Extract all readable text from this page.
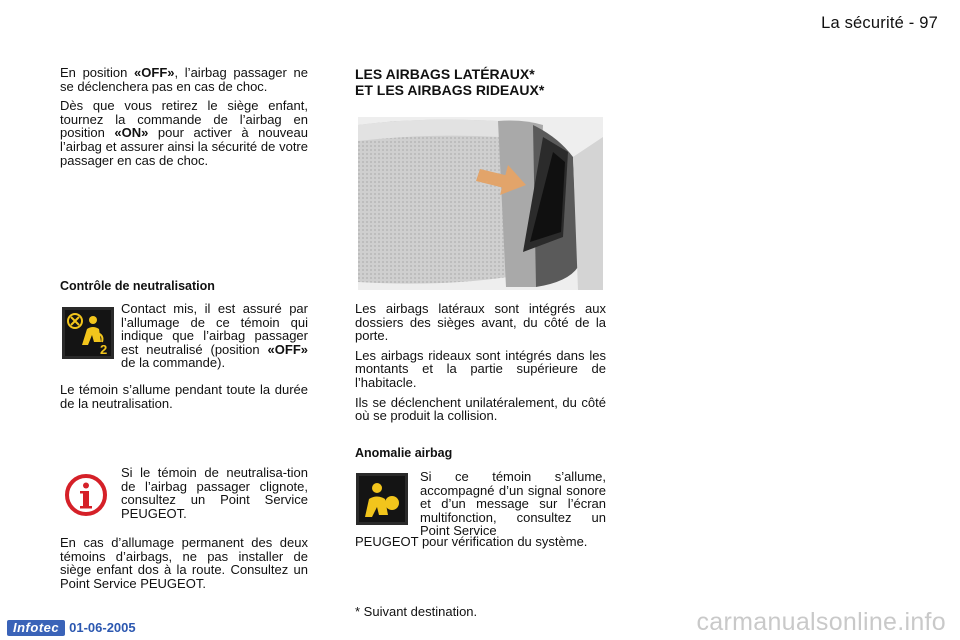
La sécurité - 97

En position «OFF», l’airbag passager ne se déclenchera pas en cas de choc.

Dès que vous retirez le siège enfant, tournez la commande de l’airbag en position «ON» pour activer à nouveau l’airbag et assurer ainsi la sécurité de votre passager en cas de choc.

Contrôle de neutralisation
2

Contact mis, il est assuré par l’allumage de ce témoin qui indique que l’airbag passager est neutralisé (position «OFF» de la commande).

Le témoin s’allume pendant toute la durée de la neutralisation.

Si le témoin de neutralisa-tion de l’airbag passager clignote, consultez un Point Service PEUGEOT.

En cas d’allumage permanent des deux témoins d’airbags, ne pas installer de siège enfant dos à la route. Consultez un Point Service PEUGEOT.

LES AIRBAGS LATÉRAUX*
ET LES AIRBAGS RIDEAUX*

Les airbags latéraux sont intégrés aux dossiers des sièges avant, du côté de la porte.

Les airbags rideaux sont intégrés dans les montants et la partie supérieure de l’habitacle.

Ils se déclenchent unilatéralement, du côté où se produit la collision.

Anomalie airbag

Si ce témoin s’allume, accompagné d’un signal sonore et d’un message sur l’écran multifonction, consultez un Point Service

PEUGEOT pour vérification du système.

* Suivant destination.
Infotec 01-06-2005	carmanualsonline.info
